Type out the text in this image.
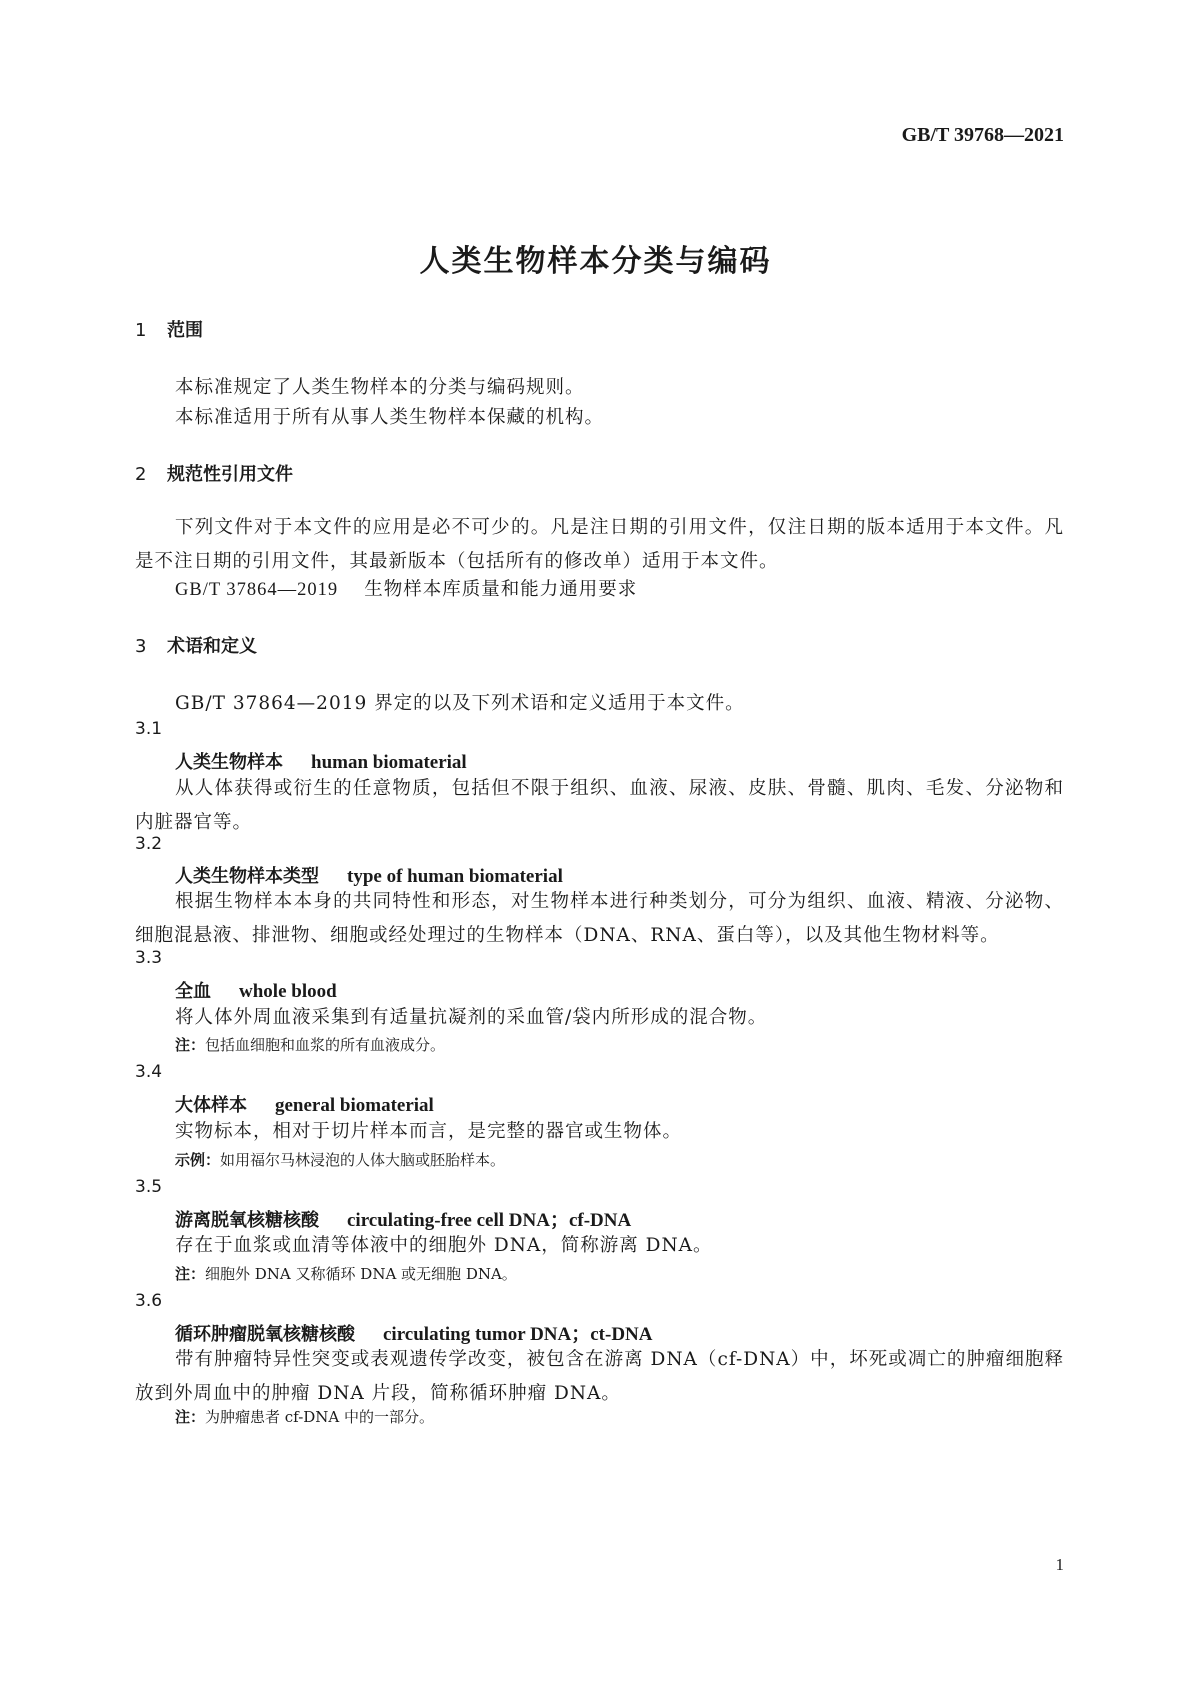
GB/T 39768—2021
人类生物样本分类与编码
1 范围
本标准规定了人类生物样本的分类与编码规则。
本标准适用于所有从事人类生物样本保藏的机构。
2 规范性引用文件
下列文件对于本文件的应用是必不可少的。凡是注日期的引用文件，仅注日期的版本适用于本文件。凡是不注日期的引用文件，其最新版本（包括所有的修改单）适用于本文件。
GB/T 37864—2019 生物样本库质量和能力通用要求
3 术语和定义
GB/T 37864—2019 界定的以及下列术语和定义适用于本文件。
3.1
人类生物样本 human biomaterial
从人体获得或衍生的任意物质，包括但不限于组织、血液、尿液、皮肤、骨髓、肌肉、毛发、分泌物和内脏器官等。
3.2
人类生物样本类型 type of human biomaterial
根据生物样本本身的共同特性和形态，对生物样本进行种类划分，可分为组织、血液、精液、分泌物、细胞混悬液、排泄物、细胞或经处理过的生物样本（DNA、RNA、蛋白等），以及其他生物材料等。
3.3
全血 whole blood
将人体外周血液采集到有适量抗凝剂的采血管/袋内所形成的混合物。
注：包括血细胞和血浆的所有血液成分。
3.4
大体样本 general biomaterial
实物标本，相对于切片样本而言，是完整的器官或生物体。
示例：如用福尔马林浸泡的人体大脑或胚胎样本。
3.5
游离脱氧核糖核酸 circulating-free cell DNA；cf-DNA
存在于血浆或血清等体液中的细胞外 DNA，简称游离 DNA。
注：细胞外 DNA 又称循环 DNA 或无细胞 DNA。
3.6
循环肿瘤脱氧核糖核酸 circulating tumor DNA；ct-DNA
带有肿瘤特异性突变或表观遗传学改变，被包含在游离 DNA（cf-DNA）中，坏死或凋亡的肿瘤细胞释放到外周血中的肿瘤 DNA 片段，简称循环肿瘤 DNA。
注：为肿瘤患者 cf-DNA 中的一部分。
1
